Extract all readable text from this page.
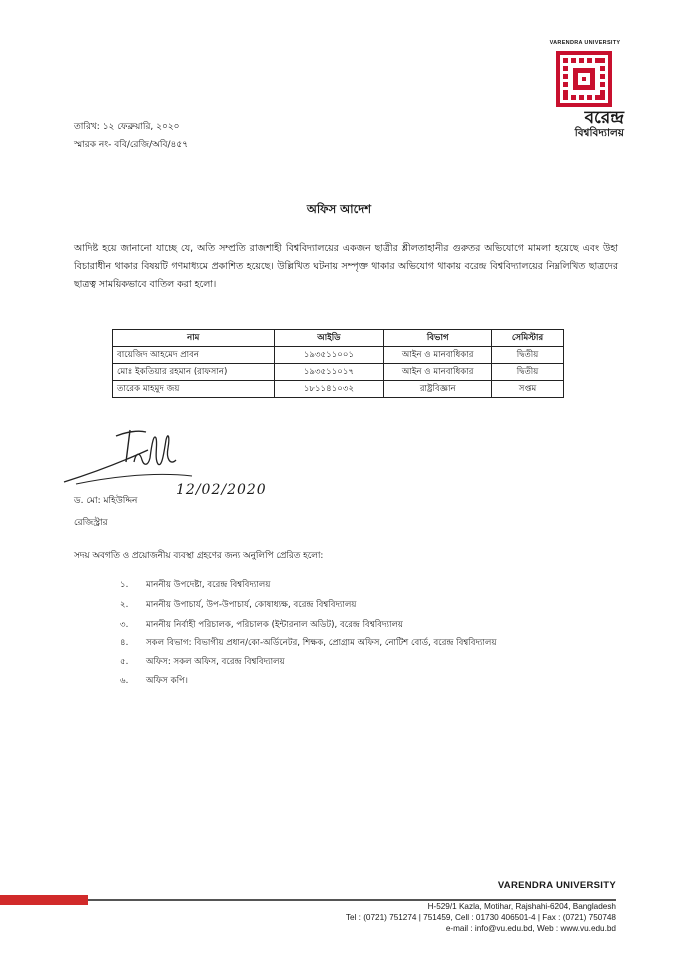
VARENDRA UNIVERSITY
বরেন্দ্র
বিশ্ববিদ্যালয়
তারিখ: ১২ ফেব্রুয়ারি, ২০২০
স্মারক নং- ববি/রেজি/অবি/৪৫৭
অফিস আদেশ
আদিষ্ট হয়ে জানানো যাচ্ছে যে, অতি সম্প্রতি রাজশাহী বিশ্ববিদ্যালয়ের একজন ছাত্রীর শ্লীলতাহানীর গুরুতর অভিযোগে মামলা হয়েছে এবং উহা বিচারাধীন থাকার বিষয়টি গণমাধ্যমে প্রকাশিত হয়েছে। উল্লিখিত ঘটনায় সম্পৃক্ত থাকার অভিযোগ থাকায় বরেন্দ্র বিশ্ববিদ্যালয়ের নিম্নলিখিত ছাত্রদের ছাত্রত্ব সাময়িকভাবে বাতিল করা হলো।
নাম	আইডি	বিভাগ	সেমিস্টার
বায়েজিদ আহমেদ প্রাবন	১৯৩৫১১০০১	আইন ও মানবাধিকার	দ্বিতীয়
মোঃ ইকতিয়ার রহমান (রাফসান)	১৯৩৫১১০১৭	আইন ও মানবাধিকার	দ্বিতীয়
তারেক মাহমুদ জয়	১৮১১৪১০৩২	রাষ্ট্রবিজ্ঞান	সপ্তম
12/02/2020
ড. মো: মহিউদ্দিন
রেজিস্ট্রার
সদয় অবগতি ও প্রয়োজনীয় ব্যবস্থা গ্রহণের জন্য অনুলিপি প্রেরিত হলো:
১. মাননীয় উপদেষ্টা, বরেন্দ্র বিশ্ববিদ্যালয়
২. মাননীয় উপাচার্য, উপ-উপাচার্য, কোষাধ্যক্ষ, বরেন্দ্র বিশ্ববিদ্যালয়
৩. মাননীয় নির্বাহী পরিচালক, পরিচালক (ইন্টারনাল অডিট), বরেন্দ্র বিশ্ববিদ্যালয়
৪. সকল বিভাগ: বিভাগীয় প্রধান/কো-অর্ডিনেটর, শিক্ষক, প্রোগ্রাম অফিস, নোটিশ বোর্ড, বরেন্দ্র বিশ্ববিদ্যালয়
৫. অফিস: সকল অফিস, বরেন্দ্র বিশ্ববিদ্যালয়
৬. অফিস কপি।
VARENDRA UNIVERSITY
H-529/1 Kazla, Motihar, Rajshahi-6204, Bangladesh
Tel : (0721) 751274 | 751459, Cell : 01730 406501-4 | Fax : (0721) 750748
e-mail : info@vu.edu.bd, Web : www.vu.edu.bd
